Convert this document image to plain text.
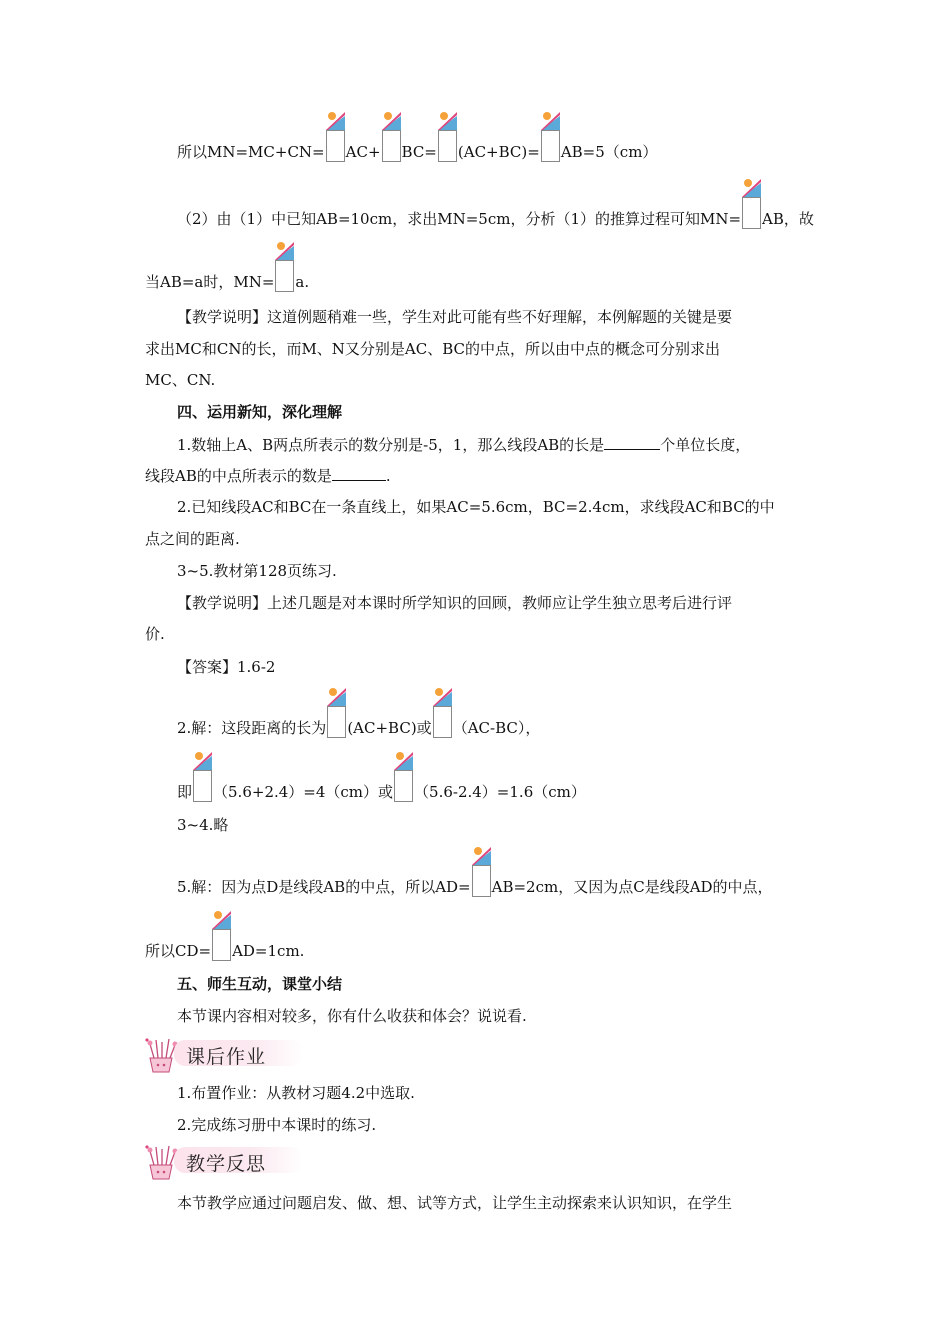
所以MN=MC+CN= AC+ BC= (AC+BC)= AB=5（cm）
（2）由（1）中已知AB=10cm，求出MN=5cm，分析（1）的推算过程可知MN= AB，故
当AB=a时，MN= a.
【教学说明】这道例题稍难一些，学生对此可能有些不好理解，本例解题的关键是要
求出MC和CN的长，而M、N又分别是AC、BC的中点，所以由中点的概念可分别求出
MC、CN.
四、运用新知，深化理解
1.数轴上A、B两点所表示的数分别是-5，1，那么线段AB的长是	个单位长度，
线段AB的中点所表示的数是	.
2.已知线段AC和BC在一条直线上，如果AC=5.6cm，BC=2.4cm，求线段AC和BC的中
点之间的距离.
3~5.教材第128页练习.
【教学说明】上述几题是对本课时所学知识的回顾，教师应让学生独立思考后进行评
价.
【答案】1.6-2
2.解：这段距离的长为 (AC+BC)或 （AC-BC），
即 （5.6+2.4）=4（cm）或 （5.6-2.4）=1.6（cm）
3~4.略
5.解：因为点D是线段AB的中点，所以AD= AB=2cm，又因为点C是线段AD的中点，
所以CD= AD=1cm.
五、师生互动，课堂小结
本节课内容相对较多，你有什么收获和体会？说说看.
课后作业
1.布置作业：从教材习题4.2中选取.
2.完成练习册中本课时的练习.
教学反思
本节教学应通过问题启发、做、想、试等方式，让学生主动探索来认识知识，在学生
